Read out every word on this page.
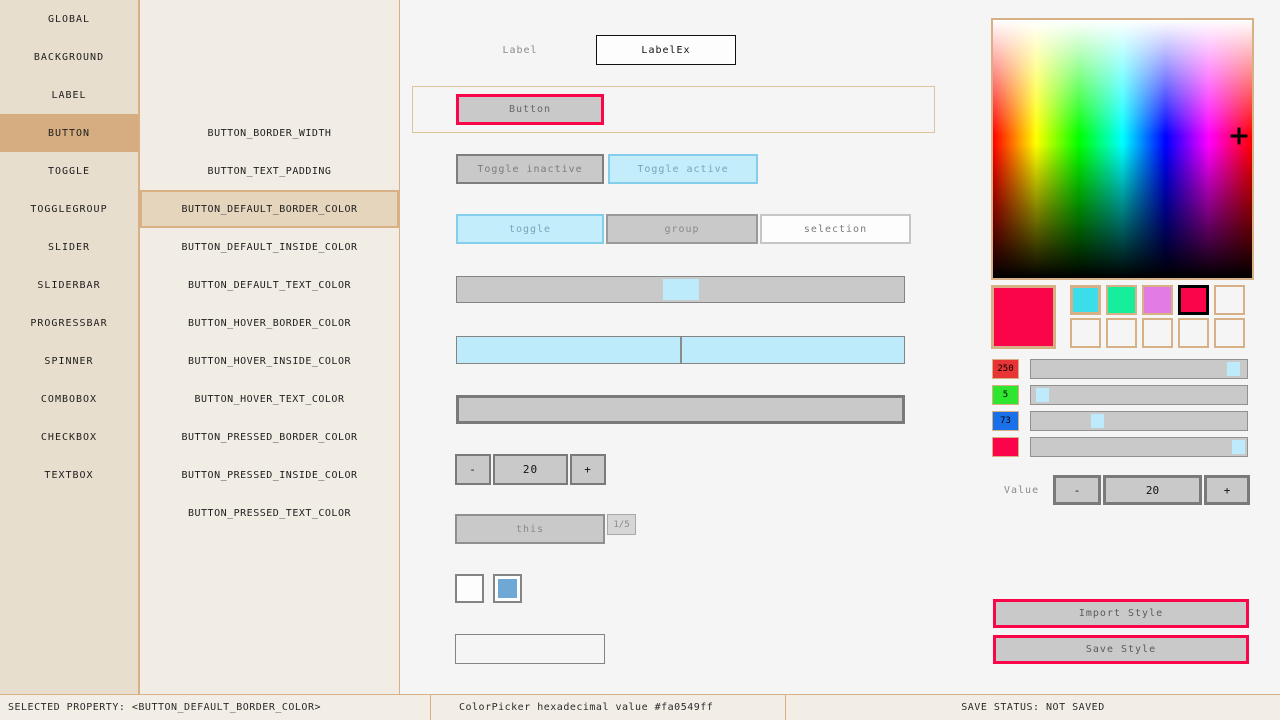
GLOBAL
BACKGROUND
LABEL
BUTTON
TOGGLE
TOGGLEGROUP
SLIDER
SLIDERBAR
PROGRESSBAR
SPINNER
COMBOBOX
CHECKBOX
TEXTBOX
BUTTON_BORDER_WIDTH
BUTTON_TEXT_PADDING
BUTTON_DEFAULT_BORDER_COLOR
BUTTON_DEFAULT_INSIDE_COLOR
BUTTON_DEFAULT_TEXT_COLOR
BUTTON_HOVER_BORDER_COLOR
BUTTON_HOVER_INSIDE_COLOR
BUTTON_HOVER_TEXT_COLOR
BUTTON_PRESSED_BORDER_COLOR
BUTTON_PRESSED_INSIDE_COLOR
BUTTON_PRESSED_TEXT_COLOR
Label	LabelEx
Button
Toggle inactive	Toggle active
toggle	group	selection
-	20	+
this	1/5
250
5
73
Value	-	20	+
Import Style
Save Style
SELECTED PROPERTY: <BUTTON_DEFAULT_BORDER_COLOR>	ColorPicker hexadecimal value #fa0549ff	SAVE STATUS: NOT SAVED
